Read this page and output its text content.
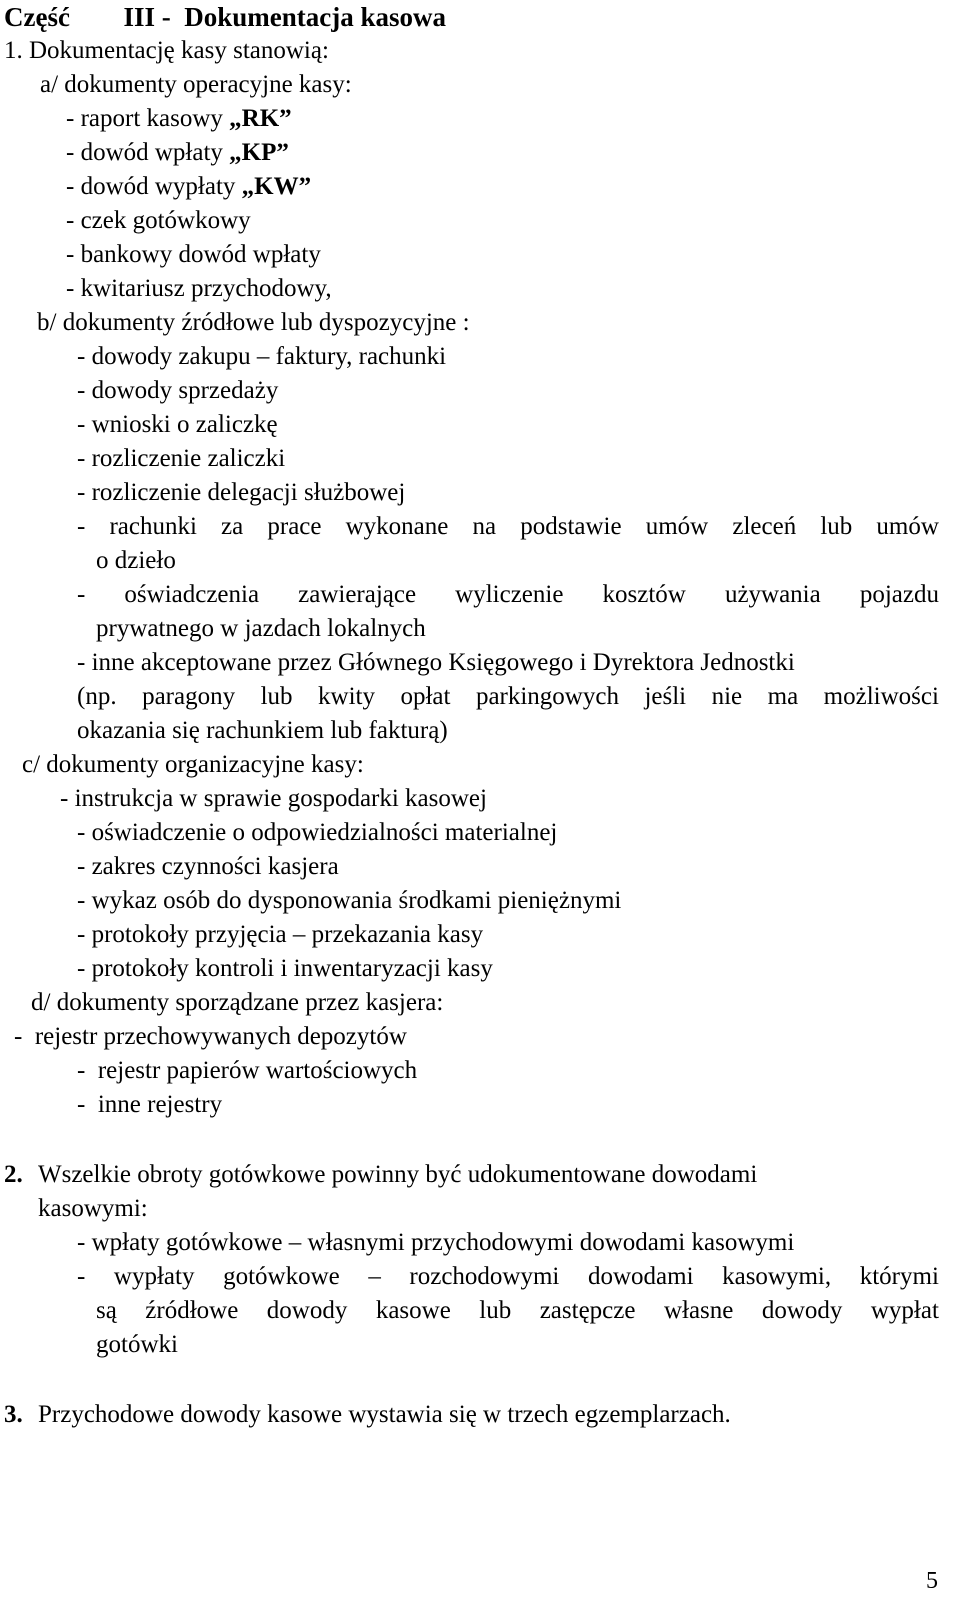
Część III -  Dokumentacja kasowa
1. Dokumentację kasy stanowią:
a/ dokumenty operacyjne kasy:
- raport kasowy „RK”
- dowód wpłaty „KP”
- dowód wypłaty „KW”
- czek gotówkowy
- bankowy dowód wpłaty
- kwitariusz przychodowy,
b/ dokumenty źródłowe lub dyspozycyjne :
- dowody zakupu – faktury, rachunki
- dowody sprzedaży
- wnioski o zaliczkę
- rozliczenie zaliczki
- rozliczenie delegacji służbowej
- rachunki za prace wykonane na podstawie umów zleceń lub umów
o dzieło
- oświadczenia zawierające wyliczenie kosztów używania pojazdu
prywatnego w jazdach lokalnych
- inne akceptowane przez Głównego Księgowego i Dyrektora Jednostki
(np. paragony lub kwity opłat parkingowych jeśli nie ma możliwości
okazania się rachunkiem lub fakturą)
c/ dokumenty organizacyjne kasy:
- instrukcja w sprawie gospodarki kasowej
- oświadczenie o odpowiedzialności materialnej
- zakres czynności kasjera
- wykaz osób do dysponowania środkami pieniężnymi
- protokoły przyjęcia – przekazania kasy
- protokoły kontroli i inwentaryzacji kasy
d/ dokumenty sporządzane przez kasjera:
-  rejestr przechowywanych depozytów
-  rejestr papierów wartościowych
-  inne rejestry
2. Wszelkie obroty gotówkowe powinny być udokumentowane dowodami
kasowymi:
- wpłaty gotówkowe – własnymi przychodowymi dowodami kasowymi
- wypłaty gotówkowe – rozchodowymi dowodami kasowymi, którymi
są źródłowe dowody kasowe lub zastępcze własne dowody wypłat
gotówki
3. Przychodowe dowody kasowe wystawia się w trzech egzemplarzach.
5
